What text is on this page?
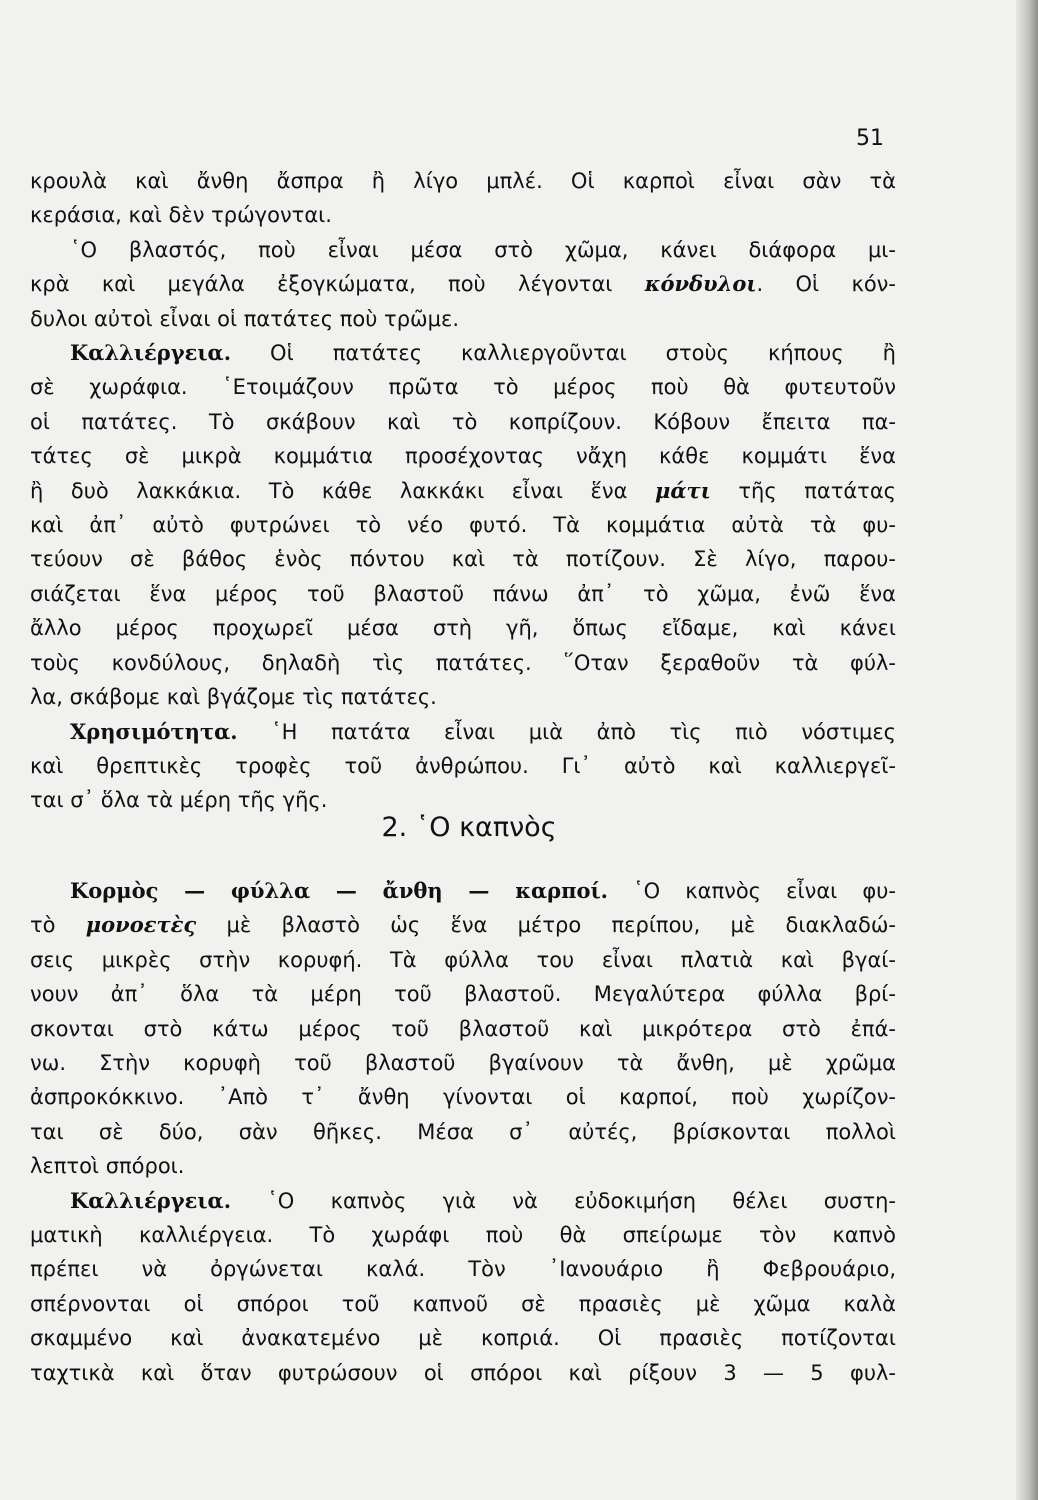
51
κρουλὰ καὶ ἄνθη ἄσπρα ἢ λίγο μπλέ. Οἱ καρποὶ εἶναι σὰν τὰ
κεράσια, καὶ δὲν τρώγονται.
῾Ο βλαστός, ποὺ εἶναι μέσα στὸ χῶμα, κάνει διάφορα μι-
κρὰ καὶ μεγάλα ἐξογκώματα, ποὺ λέγονται κόνδυλοι. Οἱ κόν-
δυλοι αὐτοὶ εἶναι οἱ πατάτες ποὺ τρῶμε.
Καλλιέργεια. Οἱ πατάτες καλλιεργοῦνται στοὺς κήπους ἢ
σὲ χωράφια. ῾Ετοιμάζουν πρῶτα τὸ μέρος ποὺ θὰ φυτευτοῦν
οἱ πατάτες. Τὸ σκάβουν καὶ τὸ κοπρίζουν. Κόβουν ἔπειτα πα-
τάτες σὲ μικρὰ κομμάτια προσέχοντας νἄχη κάθε κομμάτι ἕνα
ἢ δυὸ λακκάκια. Τὸ κάθε λακκάκι εἶναι ἕνα μάτι τῆς πατάτας
καὶ ἀπ᾽ αὐτὸ φυτρώνει τὸ νέο φυτό. Τὰ κομμάτια αὐτὰ τὰ φυ-
τεύουν σὲ βάθος ἑνὸς πόντου καὶ τὰ ποτίζουν. Σὲ λίγο, παρου-
σιάζεται ἕνα μέρος τοῦ βλαστοῦ πάνω ἀπ᾽ τὸ χῶμα, ἐνῶ ἕνα
ἄλλο μέρος προχωρεῖ μέσα στὴ γῆ, ὅπως εἴδαμε, καὶ κάνει
τοὺς κονδύλους, δηλαδὴ τὶς πατάτες. ῞Οταν ξεραθοῦν τὰ φύλ-
λα, σκάβομε καὶ βγάζομε τὶς πατάτες.
Χρησιμότητα. ῾Η πατάτα εἶναι μιὰ ἀπὸ τὶς πιὸ νόστιμες
καὶ θρεπτικὲς τροφὲς τοῦ ἀνθρώπου. Γι᾽ αὐτὸ καὶ καλλιεργεῖ-
ται σ᾽ ὅλα τὰ μέρη τῆς γῆς.
2. ῾Ο καπνὸς
Κορμὸς — φύλλα — ἄνθη — καρποί. ῾Ο καπνὸς εἶναι φυ-
τὸ μονοετὲς μὲ βλαστὸ ὡς ἕνα μέτρο περίπου, μὲ διακλαδώ-
σεις μικρὲς στὴν κορυφή. Τὰ φύλλα του εἶναι πλατιὰ καὶ βγαί-
νουν ἀπ᾽ ὅλα τὰ μέρη τοῦ βλαστοῦ. Μεγαλύτερα φύλλα βρί-
σκονται στὸ κάτω μέρος τοῦ βλαστοῦ καὶ μικρότερα στὸ ἐπά-
νω. Στὴν κορυφὴ τοῦ βλαστοῦ βγαίνουν τὰ ἄνθη, μὲ χρῶμα
ἀσπροκόκκινο. ᾽Απὸ τ᾽ ἄνθη γίνονται οἱ καρποί, ποὺ χωρίζον-
ται σὲ δύο, σὰν θῆκες. Μέσα σ᾽ αὐτές, βρίσκονται πολλοὶ
λεπτοὶ σπόροι.
Καλλιέργεια. ῾Ο καπνὸς γιὰ νὰ εὐδοκιμήση θέλει συστη-
ματικὴ καλλιέργεια. Τὸ χωράφι ποὺ θὰ σπείρωμε τὸν καπνὸ
πρέπει νὰ ὀργώνεται καλά. Τὸν ᾽Ιανουάριο ἢ Φεβρουάριο,
σπέρνονται οἱ σπόροι τοῦ καπνοῦ σὲ πρασιὲς μὲ χῶμα καλὰ
σκαμμένο καὶ ἀνακατεμένο μὲ κοπριά. Οἱ πρασιὲς ποτίζονται
ταχτικὰ καὶ ὅταν φυτρώσουν οἱ σπόροι καὶ ρίξουν 3 — 5 φυλ-
